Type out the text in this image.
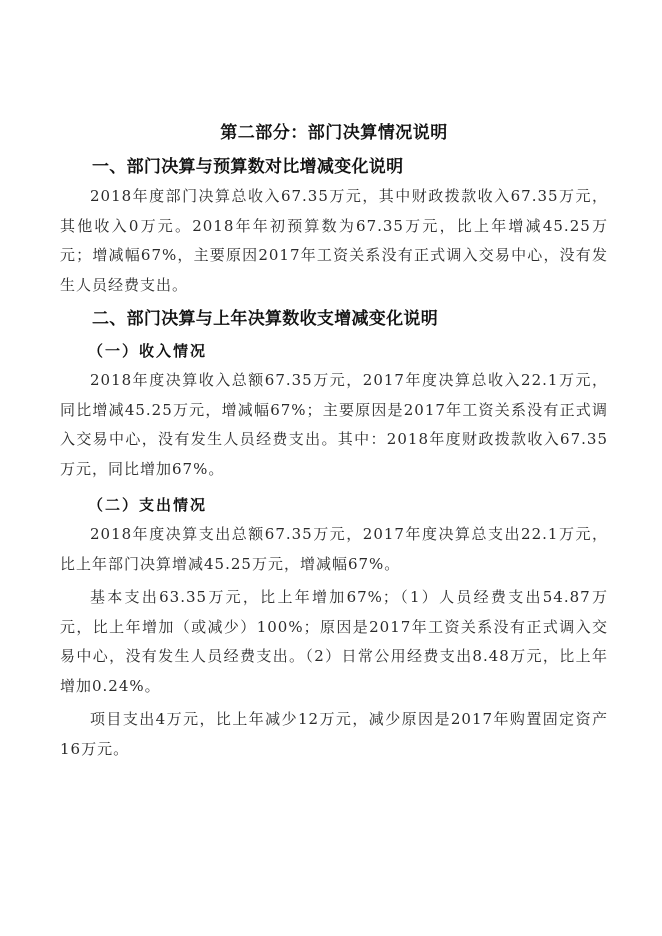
第二部分：部门决算情况说明
一、部门决算与预算数对比增减变化说明

2018年度部门决算总收入67.35万元，其中财政拨款收入67.35万元，其他收入0万元。2018年年初预算数为67.35万元，比上年增减45.25万元；增减幅67%，主要原因2017年工资关系没有正式调入交易中心，没有发生人员经费支出。

二、部门决算与上年决算数收支增减变化说明
（一）收入情况

2018年度决算收入总额67.35万元，2017年度决算总收入22.1万元，同比增减45.25万元，增减幅67%；主要原因是2017年工资关系没有正式调入交易中心，没有发生人员经费支出。其中：2018年度财政拨款收入67.35万元，同比增加67%。

（二）支出情况

2018年度决算支出总额67.35万元，2017年度决算总支出22.1万元，比上年部门决算增减45.25万元，增减幅67%。

基本支出63.35万元，比上年增加67%；（1）人员经费支出54.87万元，比上年增加（或减少）100%；原因是2017年工资关系没有正式调入交易中心，没有发生人员经费支出。（2）日常公用经费支出8.48万元，比上年增加0.24%。

项目支出4万元，比上年减少12万元，减少原因是2017年购置固定资产16万元。
